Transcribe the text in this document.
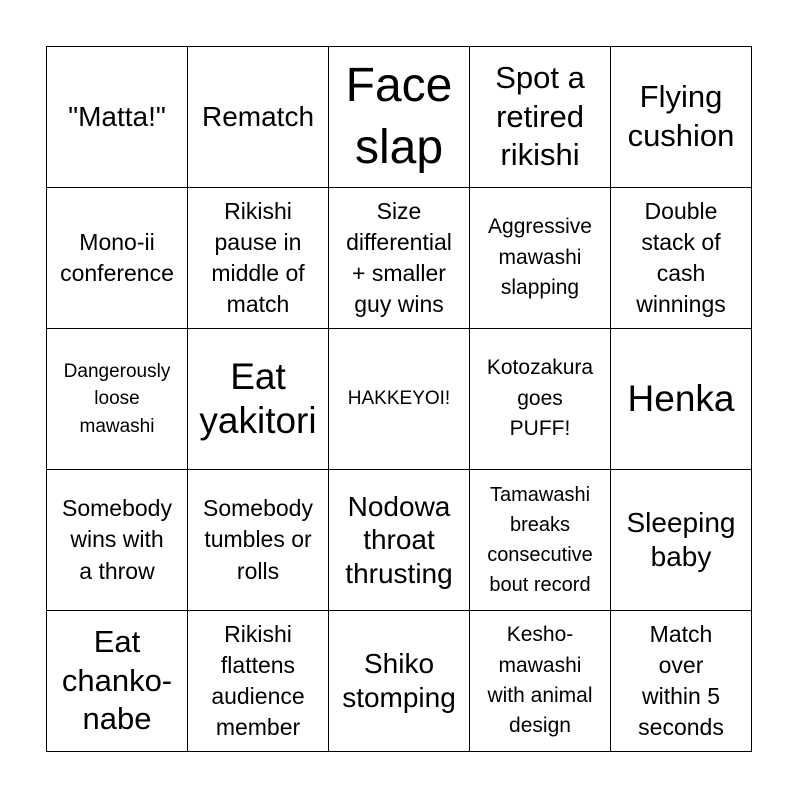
"Matta!"	Rematch
Face
slap
Spot a
retired
rikishi
Flying
cushion
Mono-ii
conference
Rikishi
pause in
middle of
match
Size
differential
+ smaller
guy wins
Aggressive
mawashi
slapping
Double
stack of
cash
winnings
Dangerously
loose
mawashi
Eat
yakitori
HAKKEYOI!
Kotozakura
goes
PUFF!
Henka
Somebody
wins with
a throw
Somebody
tumbles or
rolls
Nodowa
throat
thrusting
Tamawashi
breaks
consecutive
bout record
Sleeping
baby
Eat
chanko-
nabe
Rikishi
flattens
audience
member
Shiko
stomping
Kesho-
mawashi
with animal
design
Match
over
within 5
seconds
